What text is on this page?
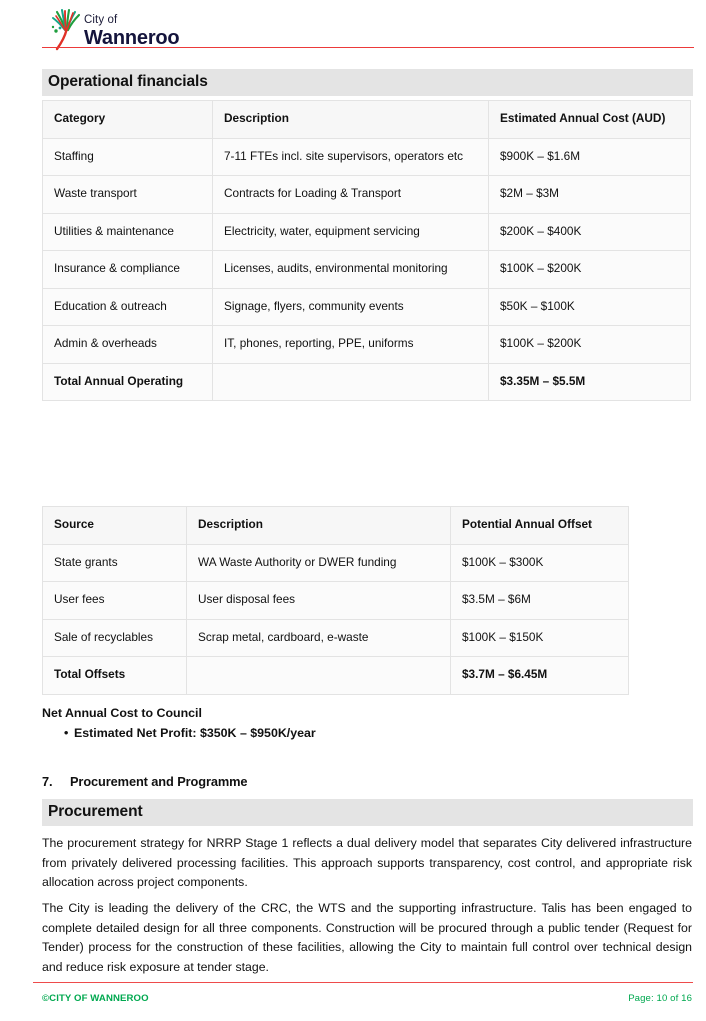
City of
Wanneroo
Operational financials
Category	Description	Estimated Annual Cost (AUD)
Staffing	7-11 FTEs incl. site supervisors, operators etc	$900K – $1.6M
Waste transport	Contracts for Loading & Transport	$2M – $3M
Utilities & maintenance	Electricity, water, equipment servicing	$200K – $400K
Insurance & compliance	Licenses, audits, environmental monitoring	$100K – $200K
Education & outreach	Signage, flyers, community events	$50K – $100K
Admin & overheads	IT, phones, reporting, PPE, uniforms	$100K – $200K
Total Annual Operating		$3.35M – $5.5M
Source	Description	Potential Annual Offset
State grants	WA Waste Authority or DWER funding	$100K – $300K
User fees	User disposal fees	$3.5M – $6M
Sale of recyclables	Scrap metal, cardboard, e-waste	$100K – $150K
Total Offsets		$3.7M – $6.45M
Net Annual Cost to Council
• Estimated Net Profit: $350K – $950K/year
7. Procurement and Programme
Procurement
The procurement strategy for NRRP Stage 1 reflects a dual delivery model that separates City delivered infrastructure from privately delivered processing facilities. This approach supports transparency, cost control, and appropriate risk allocation across project components.
The City is leading the delivery of the CRC, the WTS and the supporting infrastructure. Talis has been engaged to complete detailed design for all three components. Construction will be procured through a public tender (Request for Tender) process for the construction of these facilities, allowing the City to maintain full control over technical design and reduce risk exposure at tender stage.
©CITY OF WANNEROO	Page: 10 of 16
